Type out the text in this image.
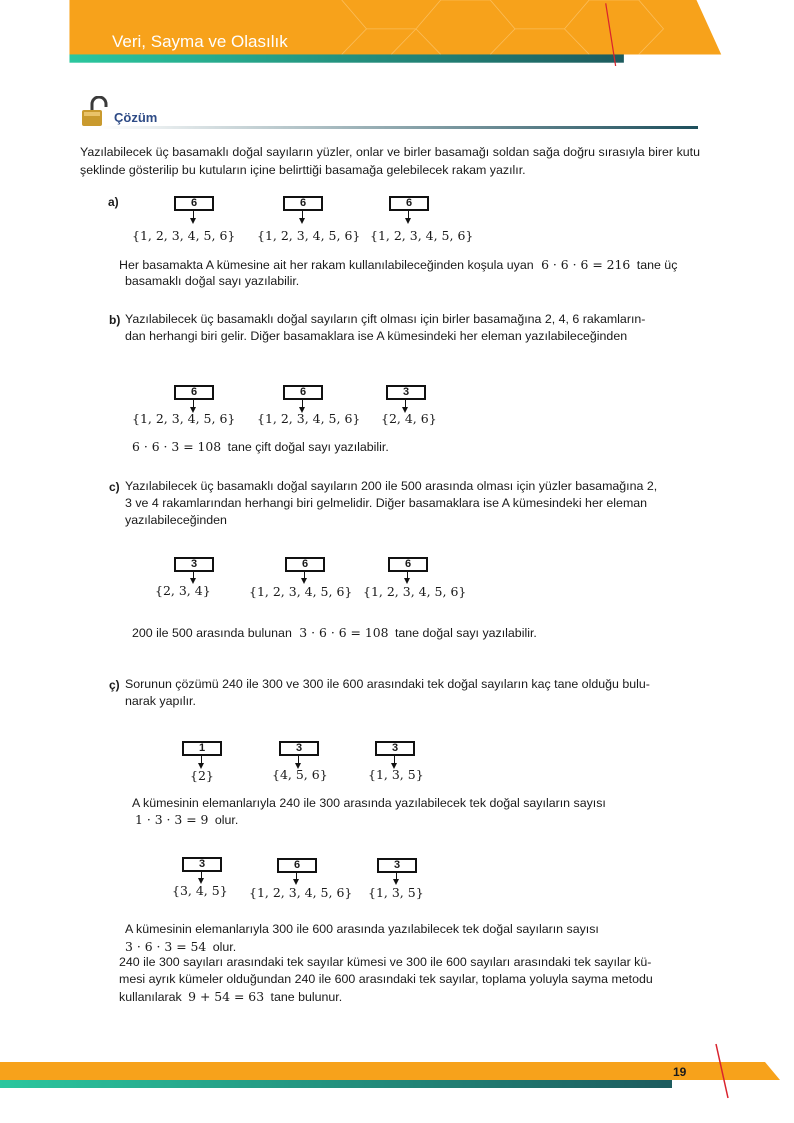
Veri, Sayma ve Olasılık
Çözüm
Yazılabilecek üç basamaklı doğal sayıların yüzler, onlar ve birler basamağı soldan sağa doğru sırasıyla birer kutu şeklinde gösterilip bu kutuların içine belirttiği basamağa gelebilecek rakam yazılır.
a)	6	6	6
{1, 2, 3, 4, 5, 6} {1, 2, 3, 4, 5, 6} {1, 2, 3, 4, 5, 6}
Her basamakta A kümesine ait her rakam kullanılabileceğinden koşula uyan 6 · 6 · 6 = 216 tane üç
basamaklı doğal sayı yazılabilir.
b) Yazılabilecek üç basamaklı doğal sayıların çift olması için birler basamağına 2, 4, 6 rakamların-
dan herhangi biri gelir. Diğer basamaklara ise A kümesindeki her eleman yazılabileceğinden
6	6	3
{1, 2, 3, 4, 5, 6} {1, 2, 3, 4, 5, 6} {2, 4, 6}
6 · 6 · 3 = 108 tane çift doğal sayı yazılabilir.
c) Yazılabilecek üç basamaklı doğal sayıların 200 ile 500 arasında olması için yüzler basamağına 2,
3 ve 4 rakamlarından herhangi biri gelmelidir. Diğer basamaklara ise A kümesindeki her eleman
yazılabileceğinden
3	6	6
{2, 3, 4}	{1, 2, 3, 4, 5, 6} {1, 2, 3, 4, 5, 6}
200 ile 500 arasında bulunan 3 · 6 · 6 = 108 tane doğal sayı yazılabilir.
ç) Sorunun çözümü 240 ile 300 ve 300 ile 600 arasındaki tek doğal sayıların kaç tane olduğu bulu-
narak yapılır.
1	3	3
{2}	{4, 5, 6}	{1, 3, 5}
A kümesinin elemanlarıyla 240 ile 300 arasında yazılabilecek tek doğal sayıların sayısı
1 · 3 · 3 = 9 olur.
3	6	3
{3, 4, 5} {1, 2, 3, 4, 5, 6} {1, 3, 5}
A kümesinin elemanlarıyla 300 ile 600 arasında yazılabilecek tek doğal sayıların sayısı
3 · 6 · 3 = 54 olur.
240 ile 300 sayıları arasındaki tek sayılar kümesi ve 300 ile 600 sayıları arasındaki tek sayılar kü-
mesi ayrık kümeler olduğundan 240 ile 600 arasındaki tek sayılar, toplama yoluyla sayma metodu
kullanılarak 9 + 54 = 63 tane bulunur.
19
